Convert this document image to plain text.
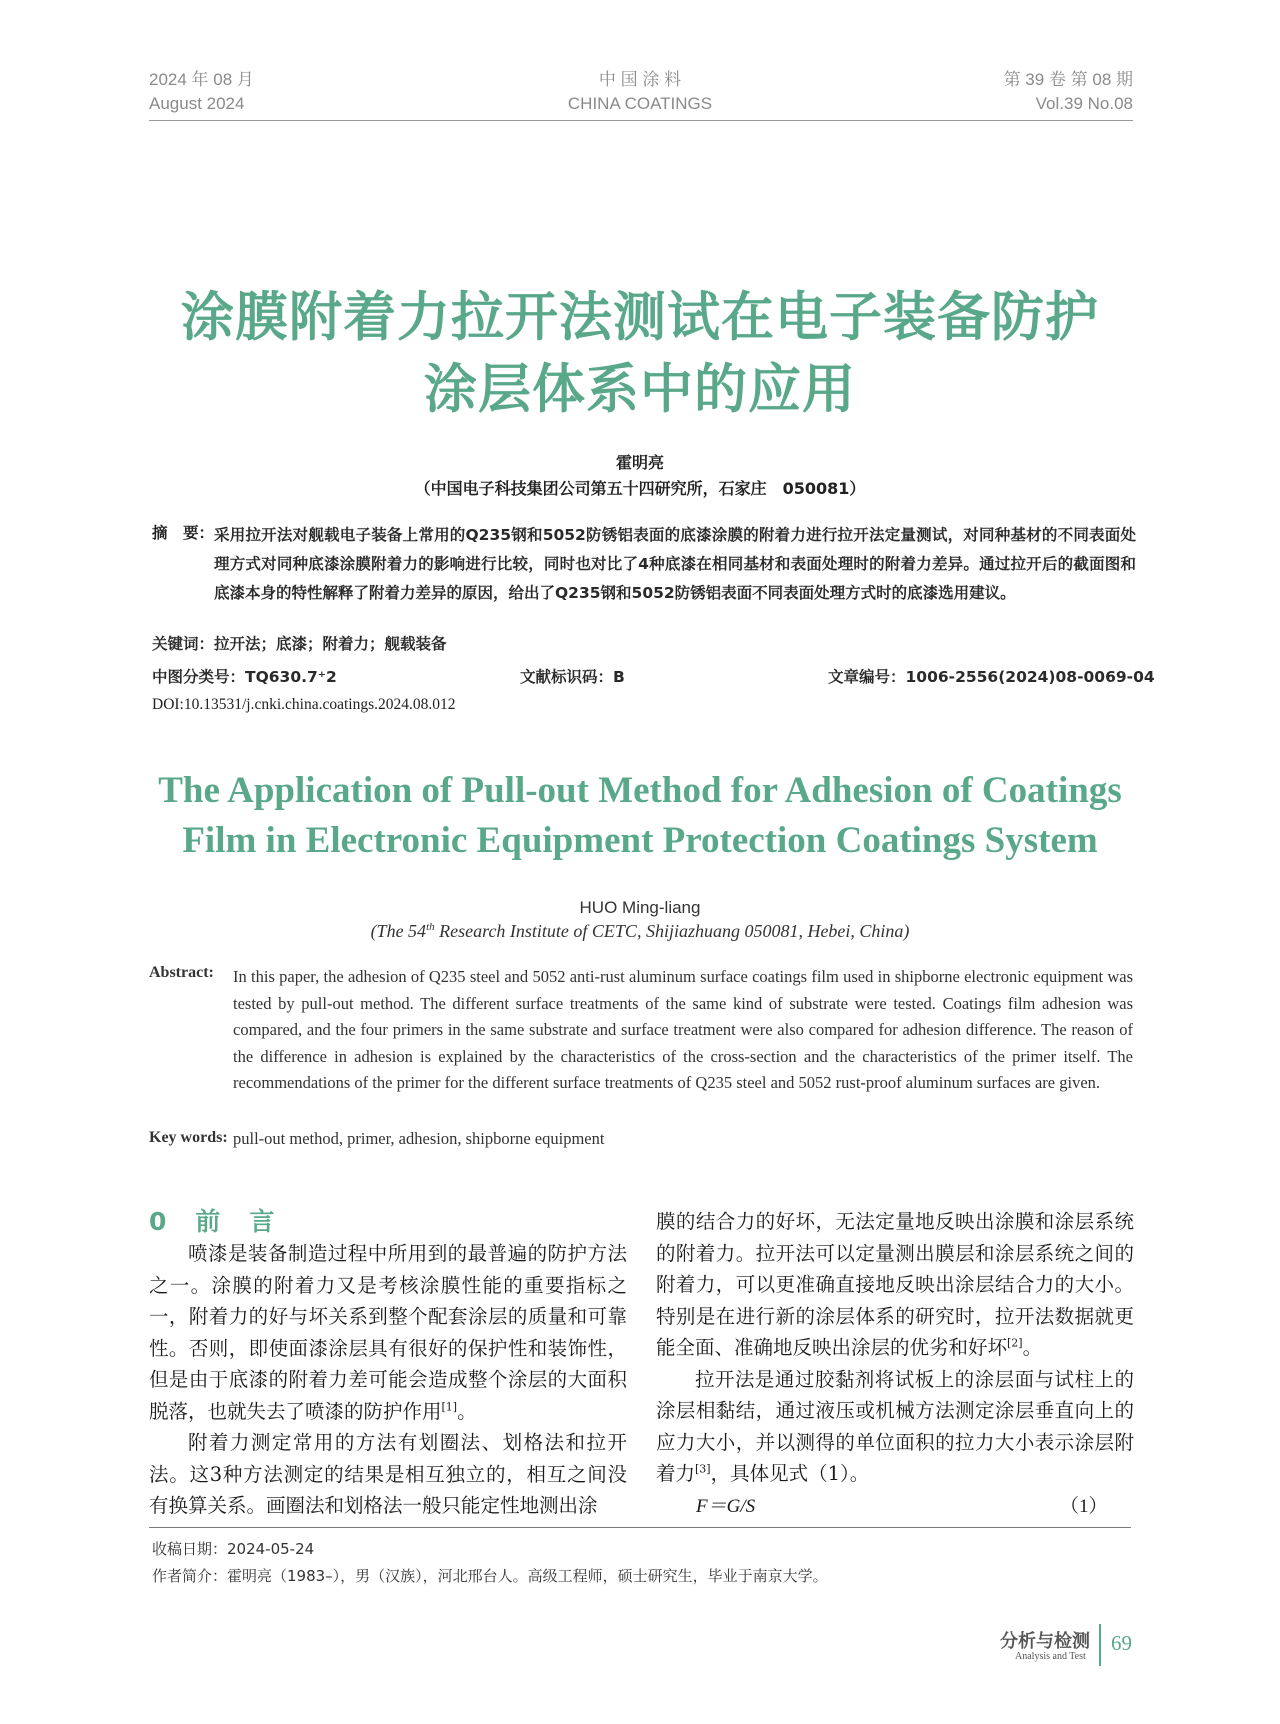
2024 年 08 月
August 2024
中 国 涂 料
CHINA COATINGS
第 39 卷 第 08 期
Vol.39 No.08
涂膜附着力拉开法测试在电子装备防护
涂层体系中的应用
霍明亮
（中国电子科技集团公司第五十四研究所，石家庄　050081）
摘　要： 采用拉开法对舰载电子装备上常用的Q235钢和5052防锈铝表面的底漆涂膜的附着力进行拉开法定量测试，对同种基材的不同表面处理方式对同种底漆涂膜附着力的影响进行比较，同时也对比了4种底漆在相同基材和表面处理时的附着力差异。通过拉开后的截面图和底漆本身的特性解释了附着力差异的原因，给出了Q235钢和5052防锈铝表面不同表面处理方式时的底漆选用建议。
关键词：拉开法；底漆；附着力；舰载装备
中图分类号：TQ630.7⁺2	文献标识码：B	文章编号：1006-2556(2024)08-0069-04
DOI:10.13531/j.cnki.china.coatings.2024.08.012
The Application of Pull-out Method for Adhesion of Coatings
Film in Electronic Equipment Protection Coatings System
HUO Ming-liang
(The 54th Research Institute of CETC, Shijiazhuang 050081, Hebei, China)
Abstract: In this paper, the adhesion of Q235 steel and 5052 anti-rust aluminum surface coatings film used in shipborne electronic equipment was tested by pull-out method. The different surface treatments of the same kind of substrate were tested. Coatings film adhesion was compared, and the four primers in the same substrate and surface treatment were also compared for adhesion difference. The reason of the difference in adhesion is explained by the characteristics of the cross-section and the characteristics of the primer itself. The recommendations of the primer for the different surface treatments of Q235 steel and 5052 rust-proof aluminum surfaces are given.
Key words: pull-out method, primer, adhesion, shipborne equipment
0　前　言

喷漆是装备制造过程中所用到的最普遍的防护方法之一。涂膜的附着力又是考核涂膜性能的重要指标之一，附着力的好与坏关系到整个配套涂层的质量和可靠性。否则，即使面漆涂层具有很好的保护性和装饰性，但是由于底漆的附着力差可能会造成整个涂层的大面积脱落，也就失去了喷漆的防护作用[1]。

附着力测定常用的方法有划圈法、划格法和拉开法。这3种方法测定的结果是相互独立的，相互之间没有换算关系。画圈法和划格法一般只能定性地测出涂

膜的结合力的好坏，无法定量地反映出涂膜和涂层系统的附着力。拉开法可以定量测出膜层和涂层系统之间的附着力，可以更准确直接地反映出涂层结合力的大小。特别是在进行新的涂层体系的研究时，拉开法数据就更能全面、准确地反映出涂层的优劣和好坏[2]。

拉开法是通过胶黏剂将试板上的涂层面与试柱上的涂层相黏结，通过液压或机械方法测定涂层垂直向上的应力大小，并以测得的单位面积的拉力大小表示涂层附着力[3]，具体见式（1）。

F＝G/S	（1）
收稿日期：2024-05-24
作者简介：霍明亮（1983–），男（汉族），河北邢台人。高级工程师，硕士研究生，毕业于南京大学。
分析与检测
Analysis and Test
69
